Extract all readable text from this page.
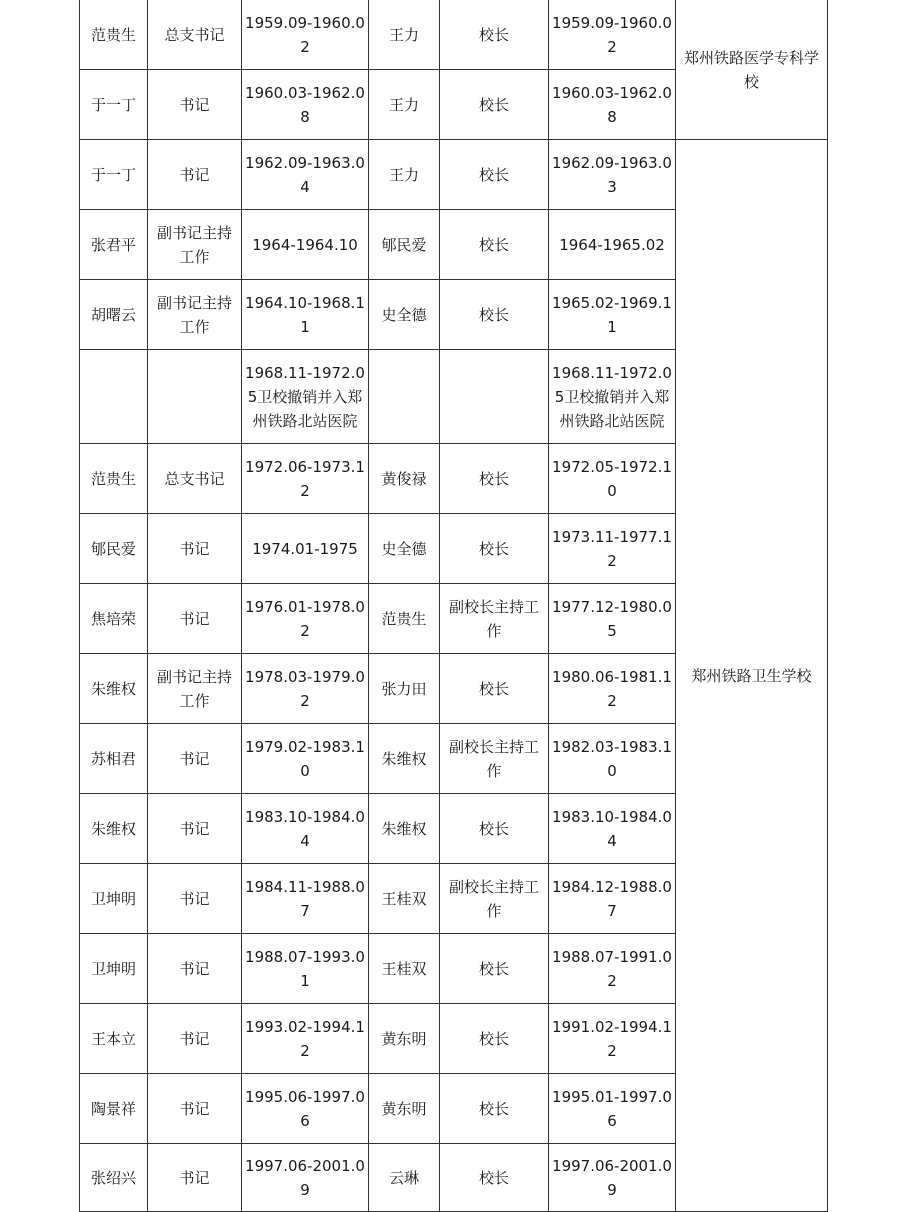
范贵生	总支书记	1959.09-1960.02	王力	校长	1959.09-1960.02	郑州铁路医学专科学校
于一丁	书记	1960.03-1962.08	王力	校长	1960.03-1962.08	
于一丁	书记	1962.09-1963.04	王力	校长	1962.09-1963.03	郑州铁路卫生学校
张君平	副书记主持工作	1964-1964.10	郇民爱	校长	1964-1965.02	
胡曙云	副书记主持工作	1964.10-1968.11	史全德	校长	1965.02-1969.11	
		1968.11-1972.05卫校撤销并入郑州铁路北站医院			1968.11-1972.05卫校撤销并入郑州铁路北站医院	
范贵生	总支书记	1972.06-1973.12	黄俊禄	校长	1972.05-1972.10	
郇民爱	书记	1974.01-1975	史全德	校长	1973.11-1977.12	
焦培荣	书记	1976.01-1978.02	范贵生	副校长主持工作	1977.12-1980.05	
朱维权	副书记主持工作	1978.03-1979.02	张力田	校长	1980.06-1981.12	
苏相君	书记	1979.02-1983.10	朱维权	副校长主持工作	1982.03-1983.10	
朱维权	书记	1983.10-1984.04	朱维权	校长	1983.10-1984.04	
卫坤明	书记	1984.11-1988.07	王桂双	副校长主持工作	1984.12-1988.07	
卫坤明	书记	1988.07-1993.01	王桂双	校长	1988.07-1991.02	
王本立	书记	1993.02-1994.12	黄东明	校长	1991.02-1994.12	
陶景祥	书记	1995.06-1997.06	黄东明	校长	1995.01-1997.06	
张绍兴	书记	1997.06-2001.09	云琳	校长	1997.06-2001.09	
